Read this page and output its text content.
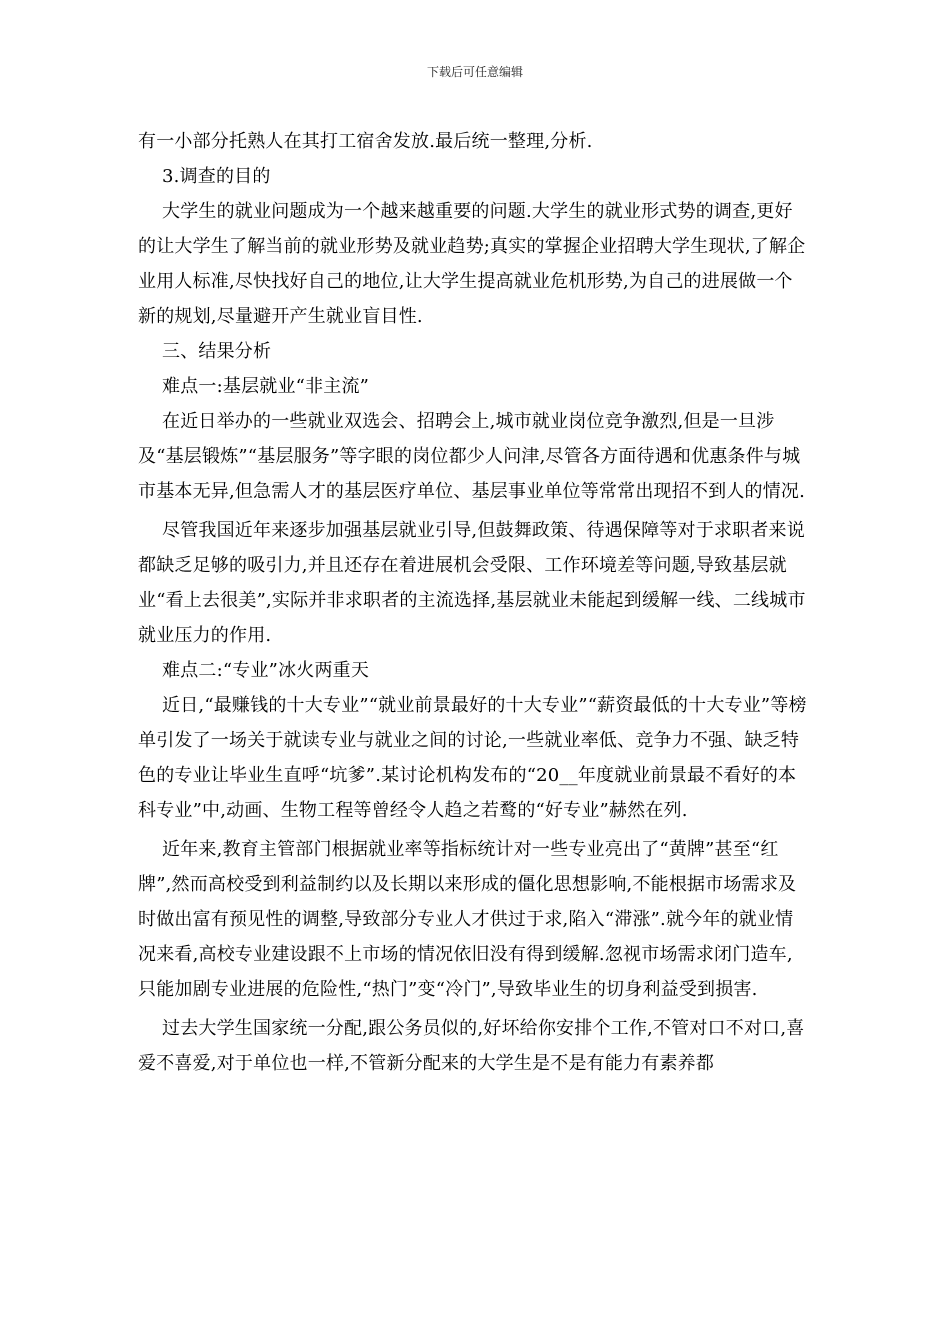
下载后可任意编辑

有一小部分托熟人在其打工宿舍发放.最后统一整理,分析.

3.调查的目的

大学生的就业问题成为一个越来越重要的问题.大学生的就业形式势的调查,更好的让大学生了解当前的就业形势及就业趋势;真实的掌握企业招聘大学生现状,了解企业用人标准,尽快找好自己的地位,让大学生提高就业危机形势,为自己的进展做一个新的规划,尽量避开产生就业盲目性.

三、结果分析

难点一:基层就业“非主流”

在近日举办的一些就业双选会、招聘会上,城市就业岗位竞争激烈,但是一旦涉及“基层锻炼”“基层服务”等字眼的岗位都少人问津,尽管各方面待遇和优惠条件与城市基本无异,但急需人才的基层医疗单位、基层事业单位等常常出现招不到人的情况.

尽管我国近年来逐步加强基层就业引导,但鼓舞政策、待遇保障等对于求职者来说都缺乏足够的吸引力,并且还存在着进展机会受限、工作环境差等问题,导致基层就业“看上去很美”,实际并非求职者的主流选择,基层就业未能起到缓解一线、二线城市就业压力的作用.

难点二:“专业”冰火两重天

近日,“最赚钱的十大专业”“就业前景最好的十大专业”“薪资最低的十大专业”等榜单引发了一场关于就读专业与就业之间的讨论,一些就业率低、竞争力不强、缺乏特色的专业让毕业生直呼“坑爹”.某讨论机构发布的“20__年度就业前景最不看好的本科专业”中,动画、生物工程等曾经令人趋之若鹜的“好专业”赫然在列.

近年来,教育主管部门根据就业率等指标统计对一些专业亮出了“黄牌”甚至“红牌”,然而高校受到利益制约以及长期以来形成的僵化思想影响,不能根据市场需求及时做出富有预见性的调整,导致部分专业人才供过于求,陷入“滞涨”.就今年的就业情况来看,高校专业建设跟不上市场的情况依旧没有得到缓解.忽视市场需求闭门造车,只能加剧专业进展的危险性,“热门”变“冷门”,导致毕业生的切身利益受到损害.

过去大学生国家统一分配,跟公务员似的,好坏给你安排个工作,不管对口不对口,喜爱不喜爱,对于单位也一样,不管新分配来的大学生是不是有能力有素养都
